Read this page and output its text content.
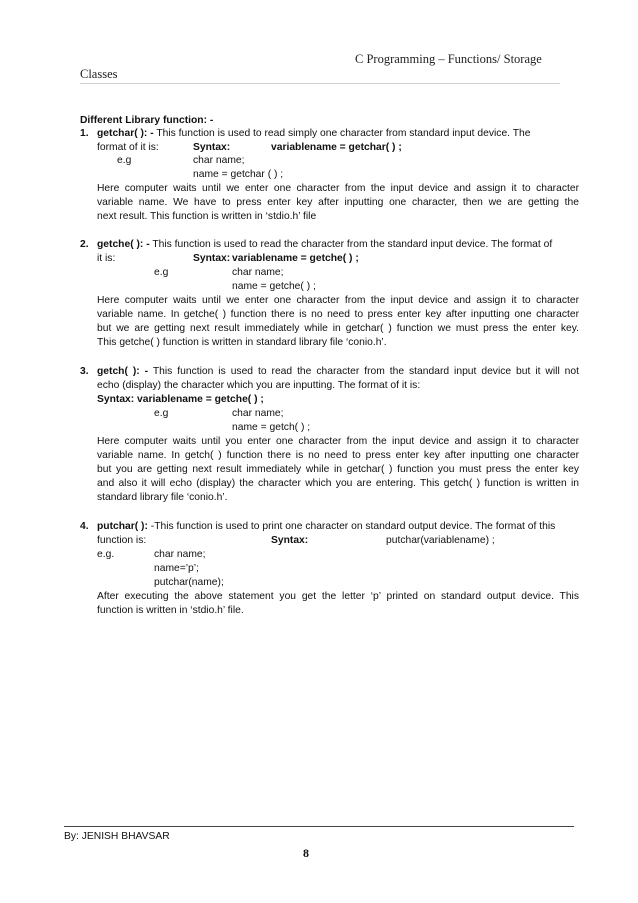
C Programming – Functions/ Storage
Classes
Different Library function: -
1. getchar( ): - This function is used to read simply one character from standard input device. The
format of it is:	Syntax:	variablename = getchar( ) ;
e.g	char name;
name = getchar ( ) ;
Here computer waits until we enter one character from the input device and assign it to character
variable name. We have to press enter key after inputting one character, then we are getting the
next result. This function is written in ‘stdio.h’ file
2. getche( ): - This function is used to read the character from the standard input device. The format of
it is:	Syntax: variablename = getche( ) ;
e.g	char name;
name = getche( ) ;
Here computer waits until we enter one character from the input device and assign it to character
variable name. In getche( ) function there is no need to press enter key after inputting one character
but we are getting next result immediately while in getchar( ) function we must press the enter key.
This getche( ) function is written in standard library file ‘conio.h’.
3. getch( ): - This function is used to read the character from the standard input device but it will not
echo (display) the character which you are inputting. The format of it is:
Syntax: variablename = getche( ) ;
e.g	char name;
name = getch( ) ;
Here computer waits until you enter one character from the input device and assign it to character
variable name. In getch( ) function there is no need to press enter key after inputting one character
but you are getting next result immediately while in getchar( ) function you must press the enter key
and also it will echo (display) the character which you are entering. This getch( ) function is written in
standard library file ‘conio.h’.
4. putchar( ): -This function is used to print one character on standard output device. The format of this
function is:	Syntax:	putchar(variablename) ;
e.g.	char name;
name=’p’;
putchar(name);
After executing the above statement you get the letter ‘p’ printed on standard output device. This
function is written in ‘stdio.h’ file.
By: JENISH BHAVSAR
8
